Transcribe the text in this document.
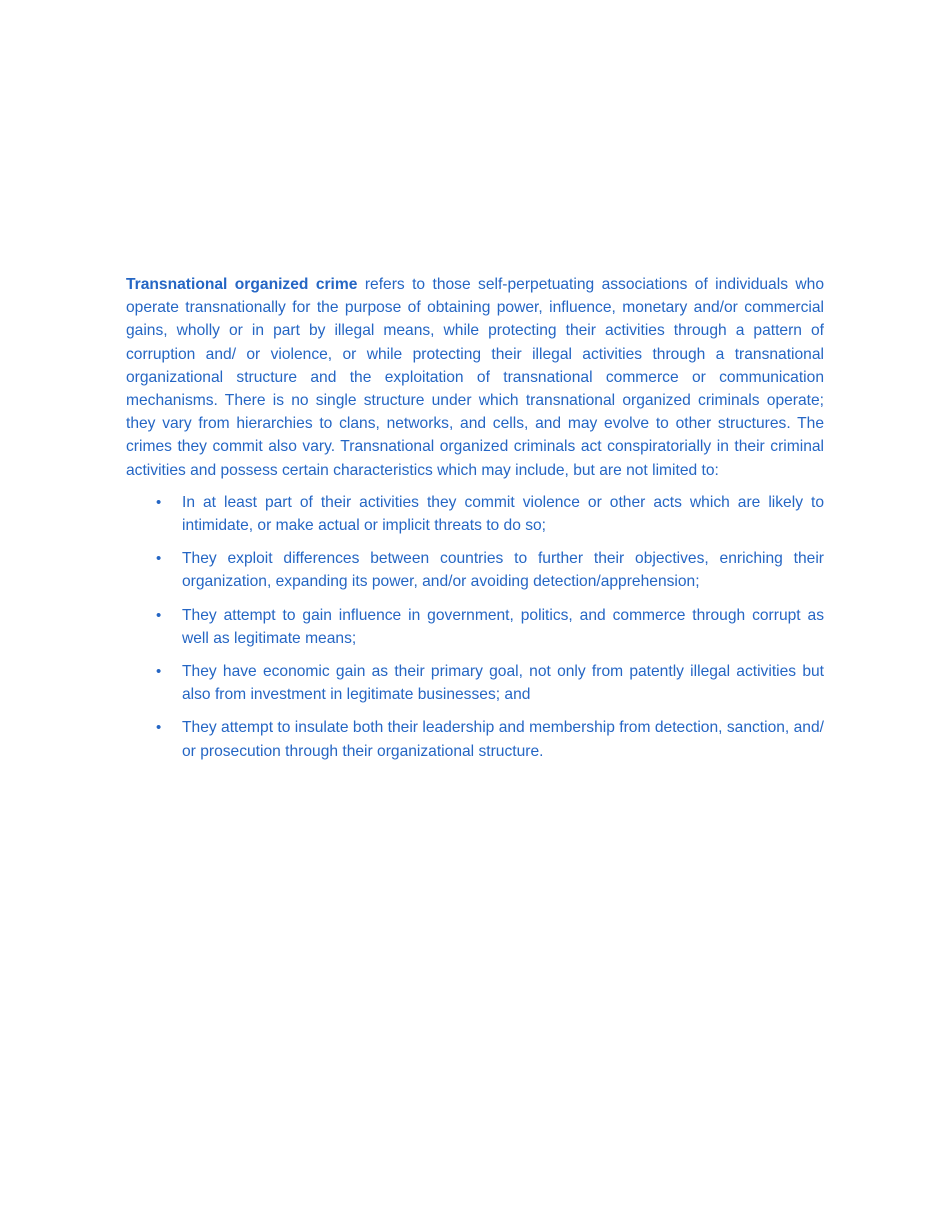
Transnational organized crime refers to those self-perpetuating associations of individuals who operate transnationally for the purpose of obtaining power, influence, monetary and/or commercial gains, wholly or in part by illegal means, while protecting their activities through a pattern of corruption and/ or violence, or while protecting their illegal activities through a transnational organizational structure and the exploitation of transnational commerce or communication mechanisms. There is no single structure under which transnational organized criminals operate; they vary from hierarchies to clans, networks, and cells, and may evolve to other structures. The crimes they commit also vary. Transnational organized criminals act conspiratorially in their criminal activities and possess certain characteristics which may include, but are not limited to:

• In at least part of their activities they commit violence or other acts which are likely to intimidate, or make actual or implicit threats to do so;
• They exploit differences between countries to further their objectives, enriching their organization, expanding its power, and/or avoiding detection/apprehension;
• They attempt to gain influence in government, politics, and commerce through corrupt as well as legitimate means;
• They have economic gain as their primary goal, not only from patently illegal activities but also from investment in legitimate businesses; and
• They attempt to insulate both their leadership and membership from detection, sanction, and/ or prosecution through their organizational structure.
